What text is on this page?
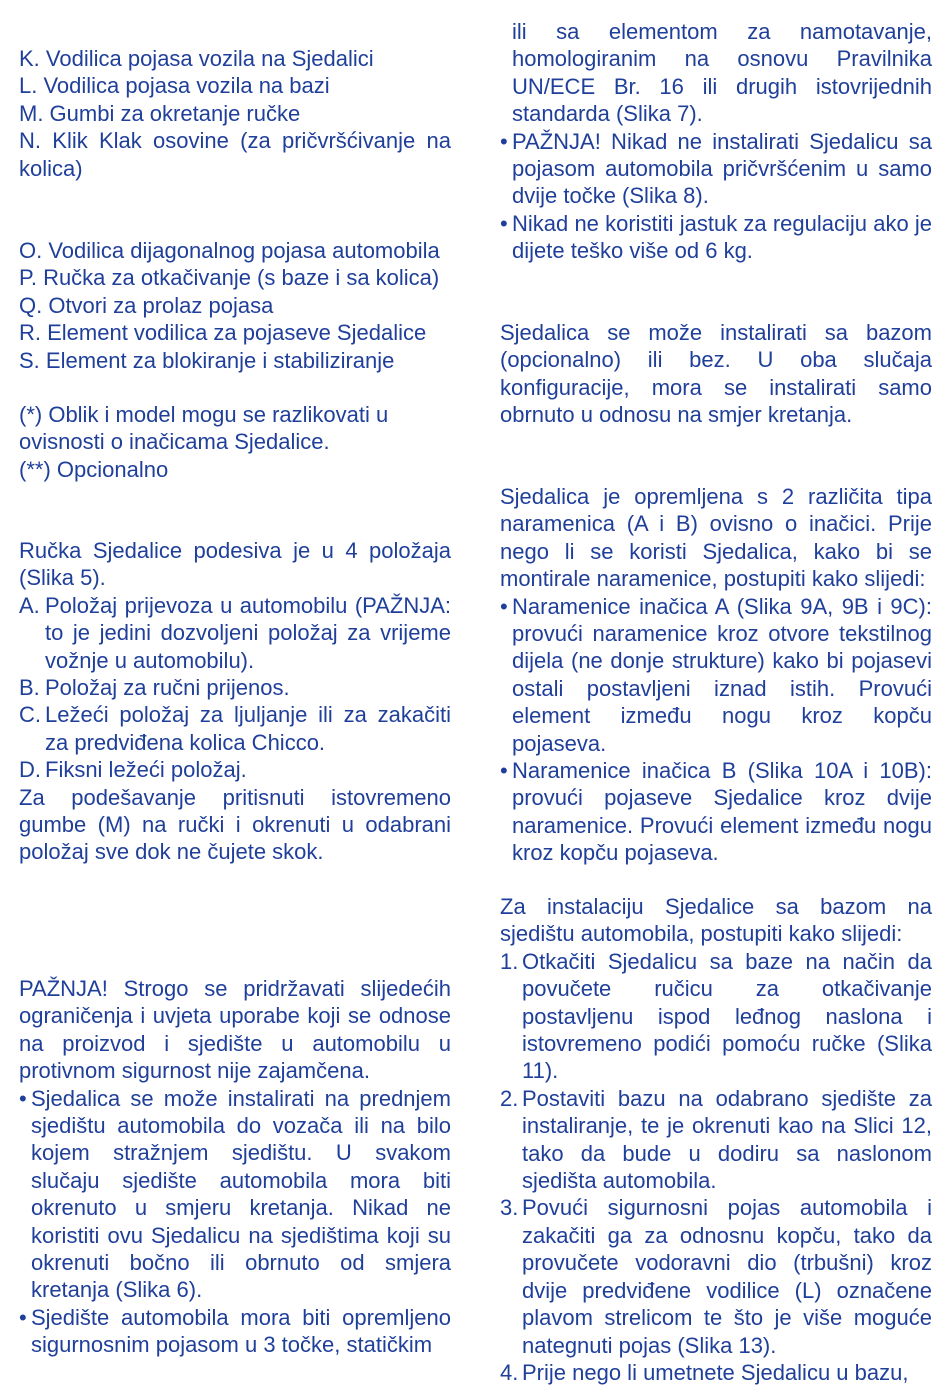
K. Vodilica pojasa vozila na Sjedalici
L. Vodilica pojasa vozila na bazi
M. Gumbi za okretanje ručke
N. Klik Klak osovine (za pričvršćivanje na kolica)
O. Vodilica dijagonalnog pojasa automobila
P. Ručka za otkačivanje (s baze i sa kolica)
Q. Otvori za prolaz pojasa
R. Element vodilica za pojaseve Sjedalice
S. Element za blokiranje i stabiliziranje
(*) Oblik i model mogu se razlikovati u ovisnosti o inačicama Sjedalice.
(**) Opcionalno
Ručka Sjedalice podesiva je u 4 položaja (Slika 5).
A. Položaj prijevoza u automobilu (PAŽNJA: to je jedini dozvoljeni položaj za vrijeme vožnje u automobilu).
B. Položaj za ručni prijenos.
C. Ležeći položaj za ljuljanje ili za zakačiti za predviđena kolica Chicco.
D. Fiksni ležeći položaj.
Za podešavanje pritisnuti istovremeno gumbe (M) na ručki i okrenuti u odabrani položaj sve dok ne čujete skok.
PAŽNJA! Strogo se pridržavati slijedećih ograničenja i uvjeta uporabe koji se odnose na proizvod i sjedište u automobilu u protivnom sigurnost nije zajamčena.
• Sjedalica se može instalirati na prednjem sjedištu automobila do vozača ili na bilo kojem stražnjem sjedištu. U svakom slučaju sjedište automobila mora biti okrenuto u smjeru kretanja. Nikad ne koristiti ovu Sjedalicu na sjedištima koji su okrenuti bočno ili obrnuto od smjera kretanja (Slika 6).
• Sjedište automobila mora biti opremljeno sigurnosnim pojasom u 3 točke, statičkim
ili sa elementom za namotavanje, homologiranim na osnovu Pravilnika UN/ECE Br. 16 ili drugih istovrijednih standarda (Slika 7).
• PAŽNJA! Nikad ne instalirati Sjedalicu sa pojasom automobila pričvršćenim u samo dvije točke (Slika 8).
• Nikad ne koristiti jastuk za regulaciju ako je dijete teško više od 6 kg.
Sjedalica se može instalirati sa bazom (opcionalno) ili bez. U oba slučaja konfiguracije, mora se instalirati samo obrnuto u odnosu na smjer kretanja.
Sjedalica je opremljena s 2 različita tipa naramenica (A i B) ovisno o inačici. Prije nego li se koristi Sjedalica, kako bi se montirale naramenice, postupiti kako slijedi:
• Naramenice inačica A (Slika 9A, 9B i 9C): provući naramenice kroz otvore tekstilnog dijela (ne donje strukture) kako bi pojasevi ostali postavljeni iznad istih. Provući element između nogu kroz kopču pojaseva.
• Naramenice inačica B (Slika 10A i 10B): provući pojaseve Sjedalice kroz dvije naramenice. Provući element između nogu kroz kopču pojaseva.
Za instalaciju Sjedalice sa bazom na sjedištu automobila, postupiti kako slijedi:
1. Otkačiti Sjedalicu sa baze na način da povučete ručicu za otkačivanje postavljenu ispod leđnog naslona i istovremeno podići pomoću ručke (Slika 11).
2. Postaviti bazu na odabrano sjedište za instaliranje, te je okrenuti kao na Slici 12, tako da bude u dodiru sa naslonom sjedišta automobila.
3. Povući sigurnosni pojas automobila i zakačiti ga za odnosnu kopču, tako da provučete vodoravni dio (trbušni) kroz dvije predviđene vodilice (L) označene plavom strelicom te što je više moguće nategnuti pojas (Slika 13).
4. Prije nego li umetnete Sjedalicu u bazu,
